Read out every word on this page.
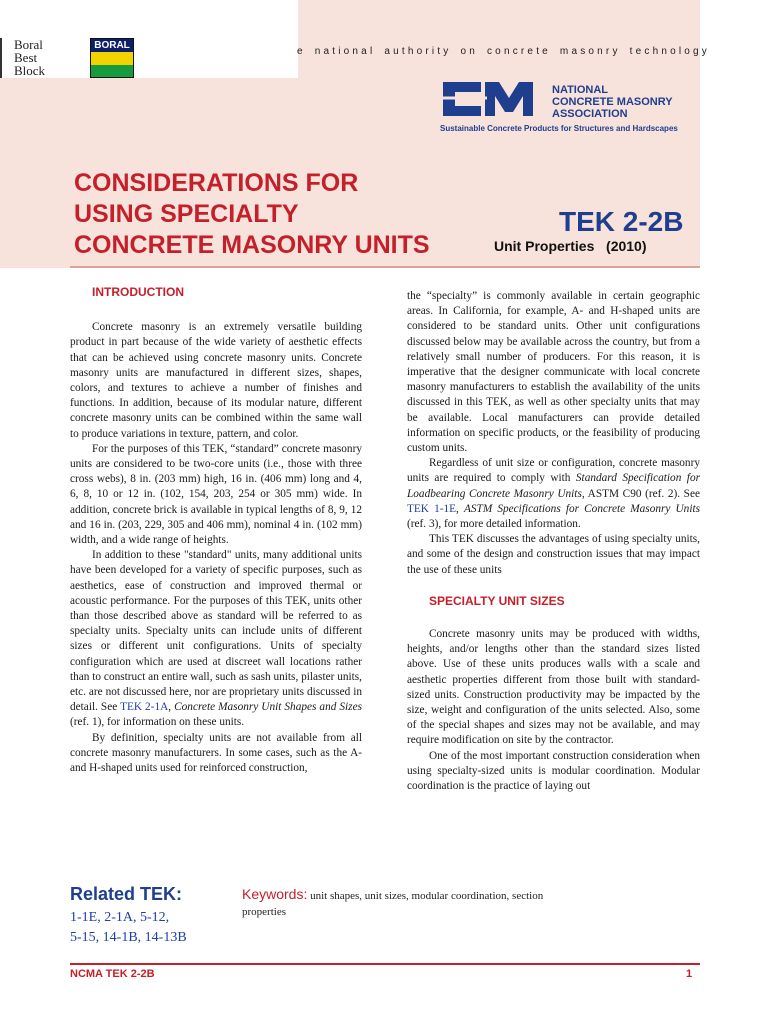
Boral
Best
Block
BORAL
e national authority on concrete masonry technology
NATIONAL
CONCRETE MASONRY
ASSOCIATION
Sustainable Concrete Products for Structures and Hardscapes
CONSIDERATIONS FOR
USING SPECIALTY
CONCRETE MASONRY UNITS
TEK 2-2B
Unit Properties (2010)

INTRODUCTION

Concrete masonry is an extremely versatile building product in part because of the wide variety of aesthetic effects that can be achieved using concrete masonry units. Concrete masonry units are manufactured in different sizes, shapes, colors, and textures to achieve a number of finishes and functions. In addition, because of its modular nature, different concrete masonry units can be combined within the same wall to produce variations in texture, pattern, and color.

For the purposes of this TEK, “standard” concrete masonry units are considered to be two-core units (i.e., those with three cross webs), 8 in. (203 mm) high, 16 in. (406 mm) long and 4, 6, 8, 10 or 12 in. (102, 154, 203, 254 or 305 mm) wide. In addition, concrete brick is available in typical lengths of 8, 9, 12 and 16 in. (203, 229, 305 and 406 mm), nominal 4 in. (102 mm) width, and a wide range of heights.

In addition to these "standard" units, many additional units have been developed for a variety of specific purposes, such as aesthetics, ease of construction and improved thermal or acoustic performance. For the purposes of this TEK, units other than those described above as standard will be referred to as specialty units. Specialty units can include units of different sizes or different unit configurations. Units of specialty configuration which are used at discreet wall locations rather than to construct an entire wall, such as sash units, pilaster units, etc. are not discussed here, nor are proprietary units discussed in detail. See TEK 2-1A, Concrete Masonry Unit Shapes and Sizes (ref. 1), for information on these units.

By definition, specialty units are not available from all concrete masonry manufacturers. In some cases, such as the A- and H-shaped units used for reinforced construction,

the “specialty” is commonly available in certain geographic areas. In California, for example, A- and H-shaped units are considered to be standard units. Other unit configurations discussed below may be available across the country, but from a relatively small number of producers. For this reason, it is imperative that the designer communicate with local concrete masonry manufacturers to establish the availability of the units discussed in this TEK, as well as other specialty units that may be available. Local manufacturers can provide detailed information on specific products, or the feasibility of producing custom units.

Regardless of unit size or configuration, concrete masonry units are required to comply with Standard Specification for Loadbearing Concrete Masonry Units, ASTM C90 (ref. 2). See TEK 1-1E, ASTM Specifications for Concrete Masonry Units (ref. 3), for more detailed information.

This TEK discusses the advantages of using specialty units, and some of the design and construction issues that may impact the use of these units

SPECIALTY UNIT SIZES

Concrete masonry units may be produced with widths, heights, and/or lengths other than the standard sizes listed above. Use of these units produces walls with a scale and aesthetic properties different from those built with standard-sized units. Construction productivity may be impacted by the size, weight and configuration of the units selected. Also, some of the special shapes and sizes may not be available, and may require modification on site by the contractor.

One of the most important construction consideration when using specialty-sized units is modular coordination. Modular coordination is the practice of laying out

Related TEK:
1-1E, 2-1A, 5-12,
5-15, 14-1B, 14-13B
Keywords: unit shapes, unit sizes, modular coordination, section properties
NCMA TEK 2-2B	1
